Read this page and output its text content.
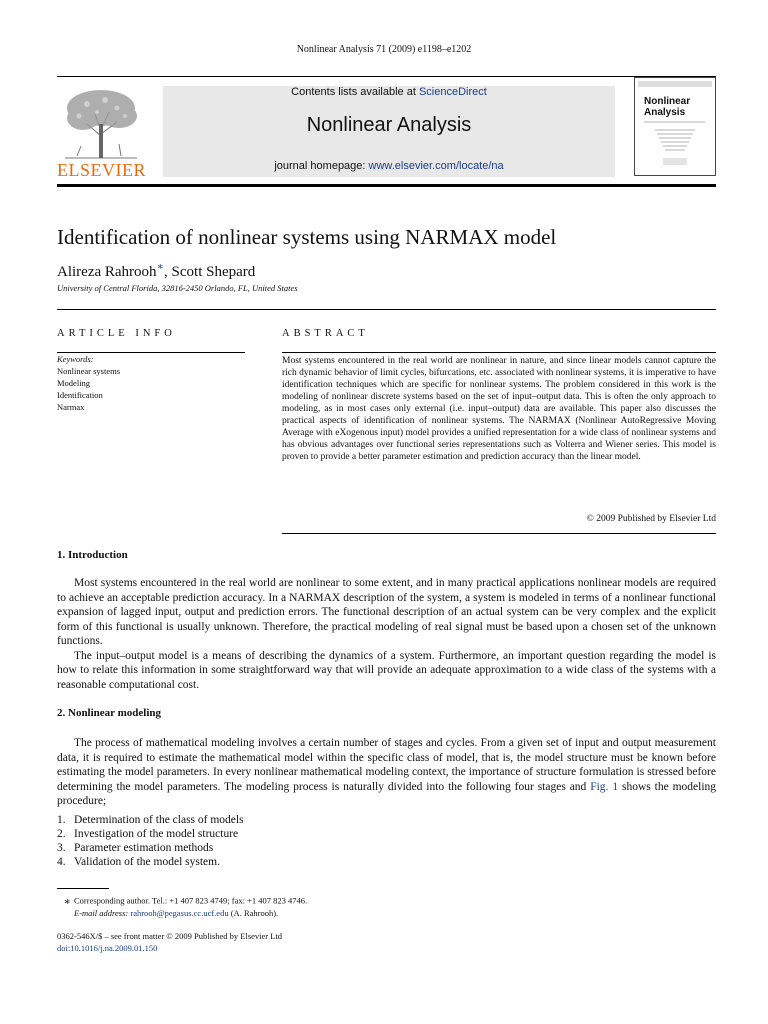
Nonlinear Analysis 71 (2009) e1198–e1202
ELSEVIER
Contents lists available at ScienceDirect
Nonlinear Analysis
journal homepage: www.elsevier.com/locate/na
Nonlinear
Analysis
Identification of nonlinear systems using NARMAX model
Alireza Rahrooh∗, Scott Shepard
University of Central Florida, 32816-2450 Orlando, FL, United States
ARTICLE INFO	ABSTRACT
Keywords:
Nonlinear systems
Modeling
Identification
Narmax
Most systems encountered in the real world are nonlinear in nature, and since linear models cannot capture the rich dynamic behavior of limit cycles, bifurcations, etc. associated with nonlinear systems, it is imperative to have identification techniques which are specific for nonlinear systems. The problem considered in this work is the modeling of nonlinear discrete systems based on the set of input–output data. This is often the only approach to modeling, as in most cases only external (i.e. input–output) data are available. This paper also discusses the practical aspects of identification of nonlinear systems. The NARMAX (Nonlinear AutoRegressive Moving Average with eXogenous input) model provides a unified representation for a wide class of nonlinear systems and has obvious advantages over functional series representations such as Volterra and Wiener series. This model is proven to provide a better parameter estimation and prediction accuracy than the linear model.
© 2009 Published by Elsevier Ltd
1. Introduction

Most systems encountered in the real world are nonlinear to some extent, and in many practical applications nonlinear models are required to achieve an acceptable prediction accuracy. In a NARMAX description of the system, a system is modeled in terms of a nonlinear functional expansion of lagged input, output and prediction errors. The functional description of an actual system can be very complex and the explicit form of this functional is usually unknown. Therefore, the practical modeling of real signal must be based upon a chosen set of the unknown functions.

The input–output model is a means of describing the dynamics of a system. Furthermore, an important question regarding the model is how to relate this information in some straightforward way that will provide an adequate approximation to a wide class of the systems with a reasonable computational cost.

2. Nonlinear modeling

The process of mathematical modeling involves a certain number of stages and cycles. From a given set of input and output measurement data, it is required to estimate the mathematical model within the specific class of model, that is, the model structure must be known before estimating the model parameters. In every nonlinear mathematical modeling context, the importance of structure formulation is stressed before determining the model parameters. The modeling process is naturally divided into the following four stages and Fig. 1 shows the modeling procedure;

1. Determination of the class of models
2. Investigation of the model structure
3. Parameter estimation methods
4. Validation of the model system.
∗ Corresponding author. Tel.: +1 407 823 4749; fax: +1 407 823 4746.
E-mail address: rahrooh@pegasus.cc.ucf.edu (A. Rahrooh).
0362-546X/$ – see front matter © 2009 Published by Elsevier Ltd
doi:10.1016/j.na.2009.01.150
